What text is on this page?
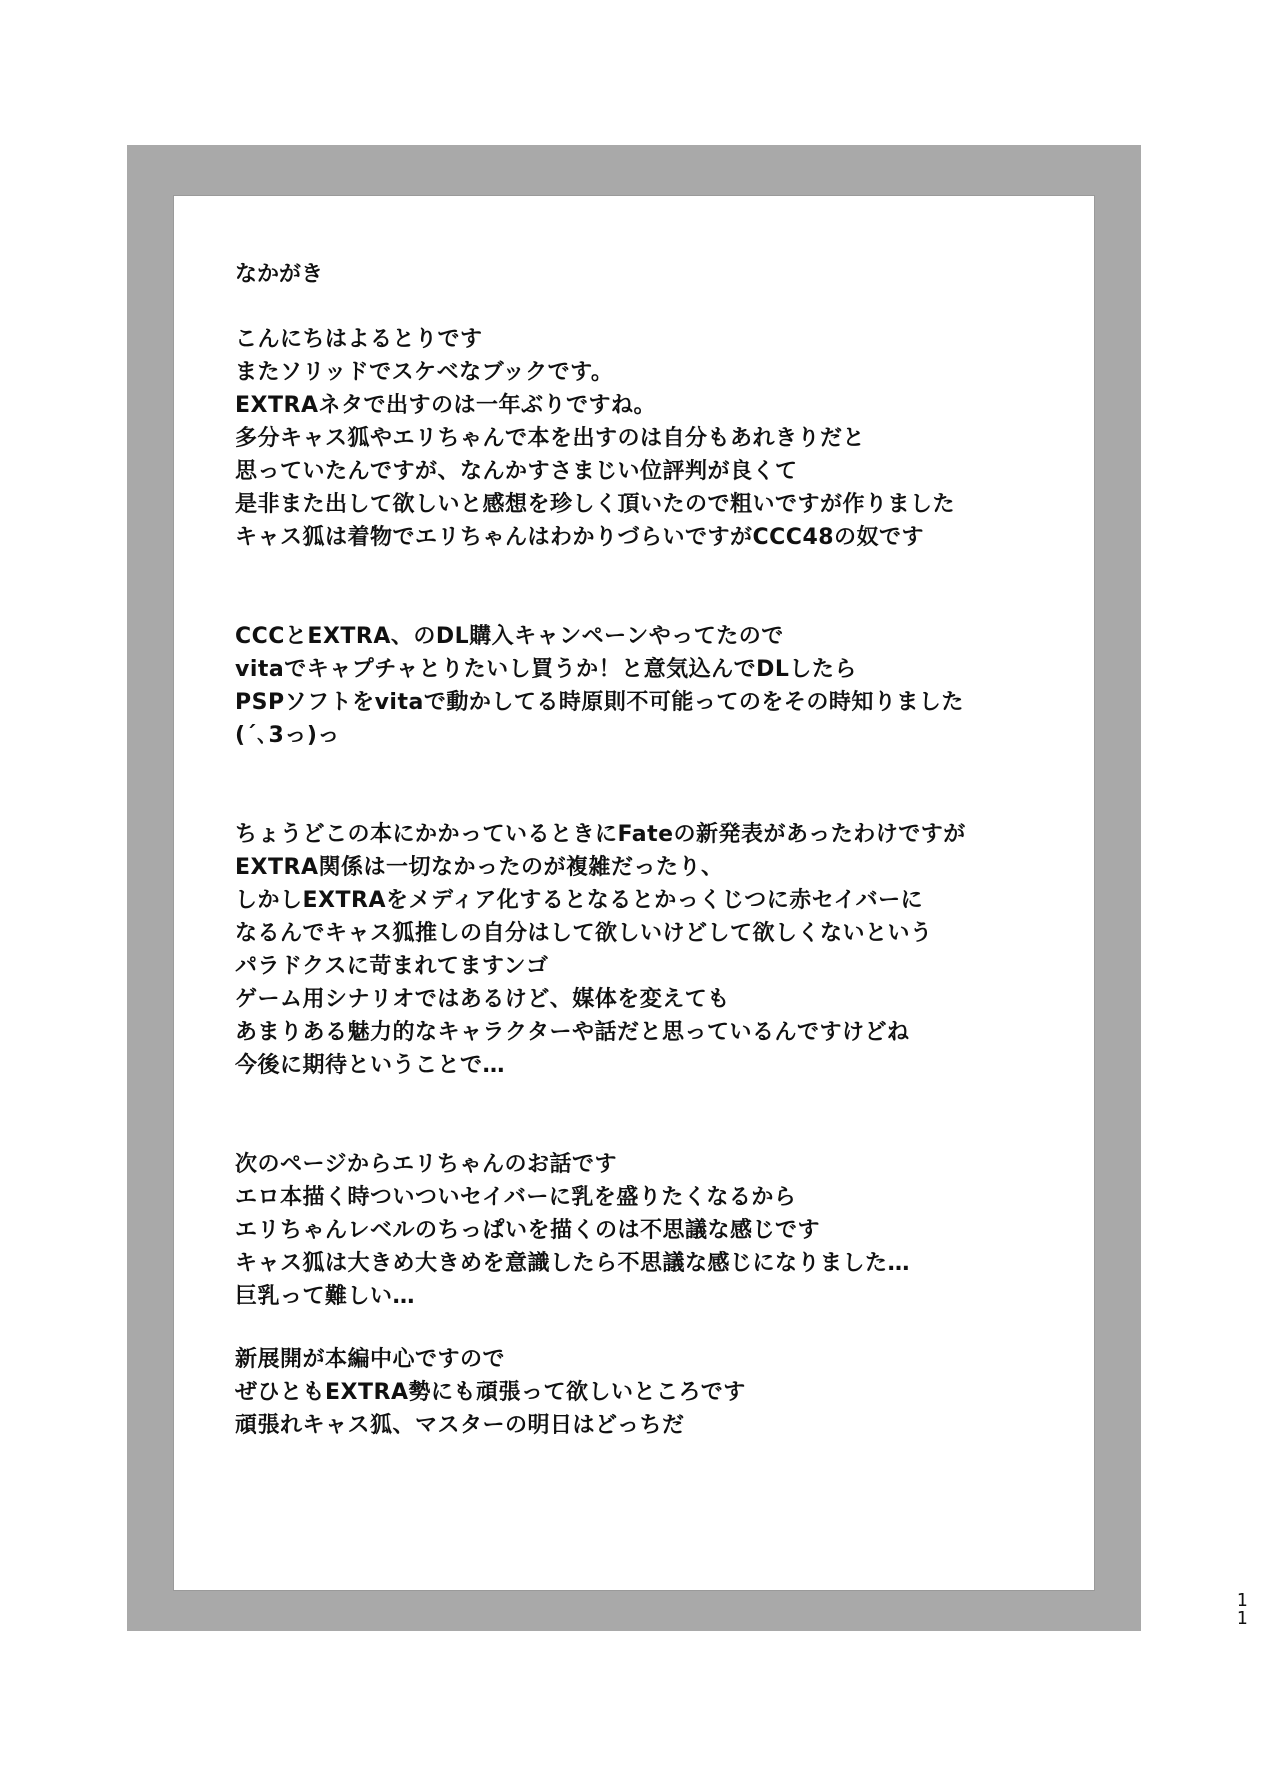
なかがき
こんにちはよるとりです
またソリッドでスケベなブックです。
EXTRAネタで出すのは一年ぶりですね。
多分キャス狐やエリちゃんで本を出すのは自分もあれきりだと
思っていたんですが、なんかすさまじい位評判が良くて
是非また出して欲しいと感想を珍しく頂いたので粗いですが作りました
キャス狐は着物でエリちゃんはわかりづらいですがCCC48の奴です
CCCとEXTRA、のDL購入キャンペーンやってたので
vitaでキャプチャとりたいし買うか！と意気込んでDLしたら
PSPソフトをvitaで動かしてる時原則不可能ってのをその時知りました
(´､3っ)っ
ちょうどこの本にかかっているときにFateの新発表があったわけですが
EXTRA関係は一切なかったのが複雑だったり、
しかしEXTRAをメディア化するとなるとかっくじつに赤セイバーに
なるんでキャス狐推しの自分はして欲しいけどして欲しくないという
パラドクスに苛まれてますンゴ
ゲーム用シナリオではあるけど、媒体を変えても
あまりある魅力的なキャラクターや話だと思っているんですけどね
今後に期待ということで…
次のページからエリちゃんのお話です
エロ本描く時ついついセイバーに乳を盛りたくなるから
エリちゃんレベルのちっぱいを描くのは不思議な感じです
キャス狐は大きめ大きめを意識したら不思議な感じになりました…
巨乳って難しい…
新展開が本編中心ですので
ぜひともEXTRA勢にも頑張って欲しいところです
頑張れキャス狐、マスターの明日はどっちだ
11
